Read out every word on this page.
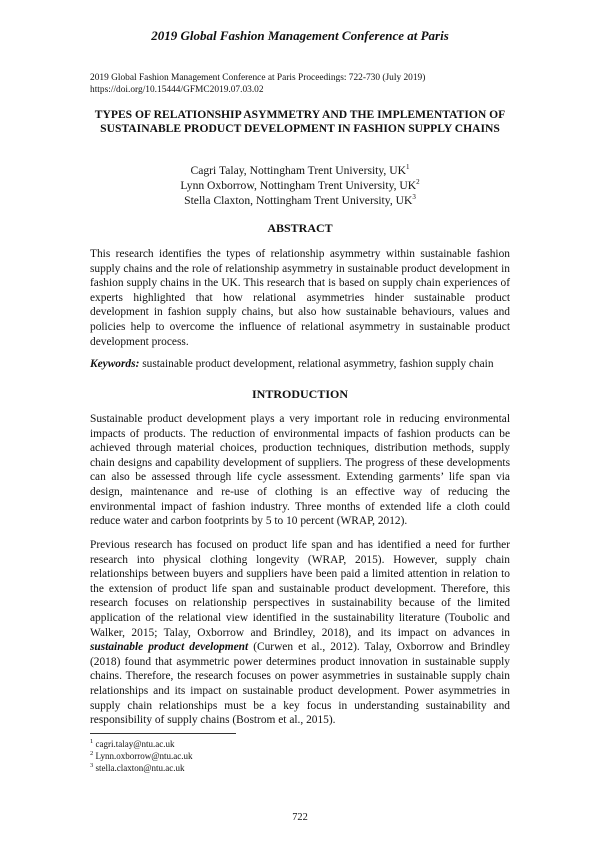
2019 Global Fashion Management Conference at Paris
2019 Global Fashion Management Conference at Paris Proceedings: 722-730 (July 2019)
https://doi.org/10.15444/GFMC2019.07.03.02
TYPES OF RELATIONSHIP ASYMMETRY AND THE IMPLEMENTATION OF SUSTAINABLE PRODUCT DEVELOPMENT IN FASHION SUPPLY CHAINS
Cagri Talay, Nottingham Trent University, $UK^1$
Lynn Oxborrow, Nottingham Trent University, $UK^2$
Stella Claxton, Nottingham Trent University, $UK^3$
ABSTRACT

This research identifies the types of relationship asymmetry within sustainable fashion supply chains and the role of relationship asymmetry in sustainable product development in fashion supply chains in the UK. This research that is based on supply chain experiences of experts highlighted that how relational asymmetries hinder sustainable product development in fashion supply chains, but also how sustainable behaviours, values and policies help to overcome the influence of relational asymmetry in sustainable product development process.

Keywords: sustainable product development, relational asymmetry, fashion supply chain

INTRODUCTION

Sustainable product development plays a very important role in reducing environmental impacts of products. The reduction of environmental impacts of fashion products can be achieved through material choices, production techniques, distribution methods, supply chain designs and capability development of suppliers. The progress of these developments can also be assessed through life cycle assessment. Extending garments’ life span via design, maintenance and re-use of clothing is an effective way of reducing the environmental impact of fashion industry. Three months of extended life a cloth could reduce water and carbon footprints by 5 to 10 percent (WRAP, 2012).

Previous research has focused on product life span and has identified a need for further research into physical clothing longevity (WRAP, 2015). However, supply chain relationships between buyers and suppliers have been paid a limited attention in relation to the extension of product life span and sustainable product development. Therefore, this research focuses on relationship perspectives in sustainability because of the limited application of the relational view identified in the sustainability literature (Toubolic and Walker, 2015; Talay, Oxborrow and Brindley, 2018), and its impact on advances in sustainable product development (Curwen et al., 2012). Talay, Oxborrow and Brindley (2018) found that asymmetric power determines product innovation in sustainable supply chains. Therefore, the research focuses on power asymmetries in sustainable supply chain relationships and its impact on sustainable product development. Power asymmetries in supply chain relationships must be a key focus in understanding sustainability and responsibility of supply chains (Bostrom et al., 2015).

$^1$ cagri.talay@ntu.ac.uk
$^2$ Lynn.oxborrow@ntu.ac.uk
$^3$ stella.claxton@ntu.ac.uk
722
